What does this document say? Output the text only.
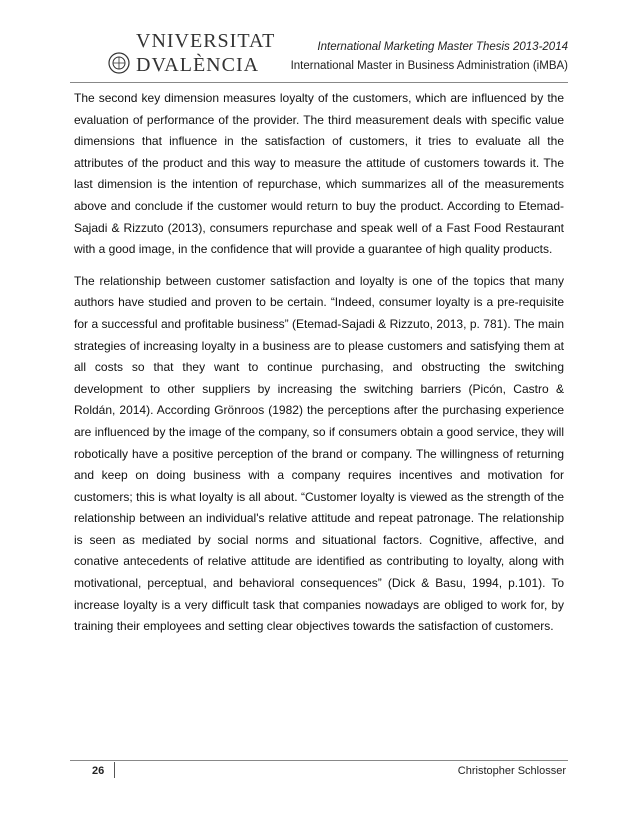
VNIVERSITAT
DVALÈNCIA
International Marketing Master Thesis 2013-2014
International Master in Business Administration (iMBA)

The second key dimension measures loyalty of the customers, which are influenced by the evaluation of performance of the provider. The third measurement deals with specific value dimensions that influence in the satisfaction of customers, it tries to evaluate all the attributes of the product and this way to measure the attitude of customers towards it. The last dimension is the intention of repurchase, which summarizes all of the measurements above and conclude if the customer would return to buy the product. According to Etemad-Sajadi & Rizzuto (2013), consumers repurchase and speak well of a Fast Food Restaurant with a good image, in the confidence that will provide a guarantee of high quality products.

The relationship between customer satisfaction and loyalty is one of the topics that many authors have studied and proven to be certain. “Indeed, consumer loyalty is a pre-requisite for a successful and profitable business” (Etemad-Sajadi & Rizzuto, 2013, p. 781). The main strategies of increasing loyalty in a business are to please customers and satisfying them at all costs so that they want to continue purchasing, and obstructing the switching development to other suppliers by increasing the switching barriers (Picón, Castro & Roldán, 2014). According Grönroos (1982) the perceptions after the purchasing experience are influenced by the image of the company, so if consumers obtain a good service, they will robotically have a positive perception of the brand or company. The willingness of returning and keep on doing business with a company requires incentives and motivation for customers; this is what loyalty is all about. “Customer loyalty is viewed as the strength of the relationship between an individual's relative attitude and repeat patronage. The relationship is seen as mediated by social norms and situational factors. Cognitive, affective, and conative antecedents of relative attitude are identified as contributing to loyalty, along with motivational, perceptual, and behavioral consequences” (Dick & Basu, 1994, p.101). To increase loyalty is a very difficult task that companies nowadays are obliged to work for, by training their employees and setting clear objectives towards the satisfaction of customers.

26	Christopher Schlosser
